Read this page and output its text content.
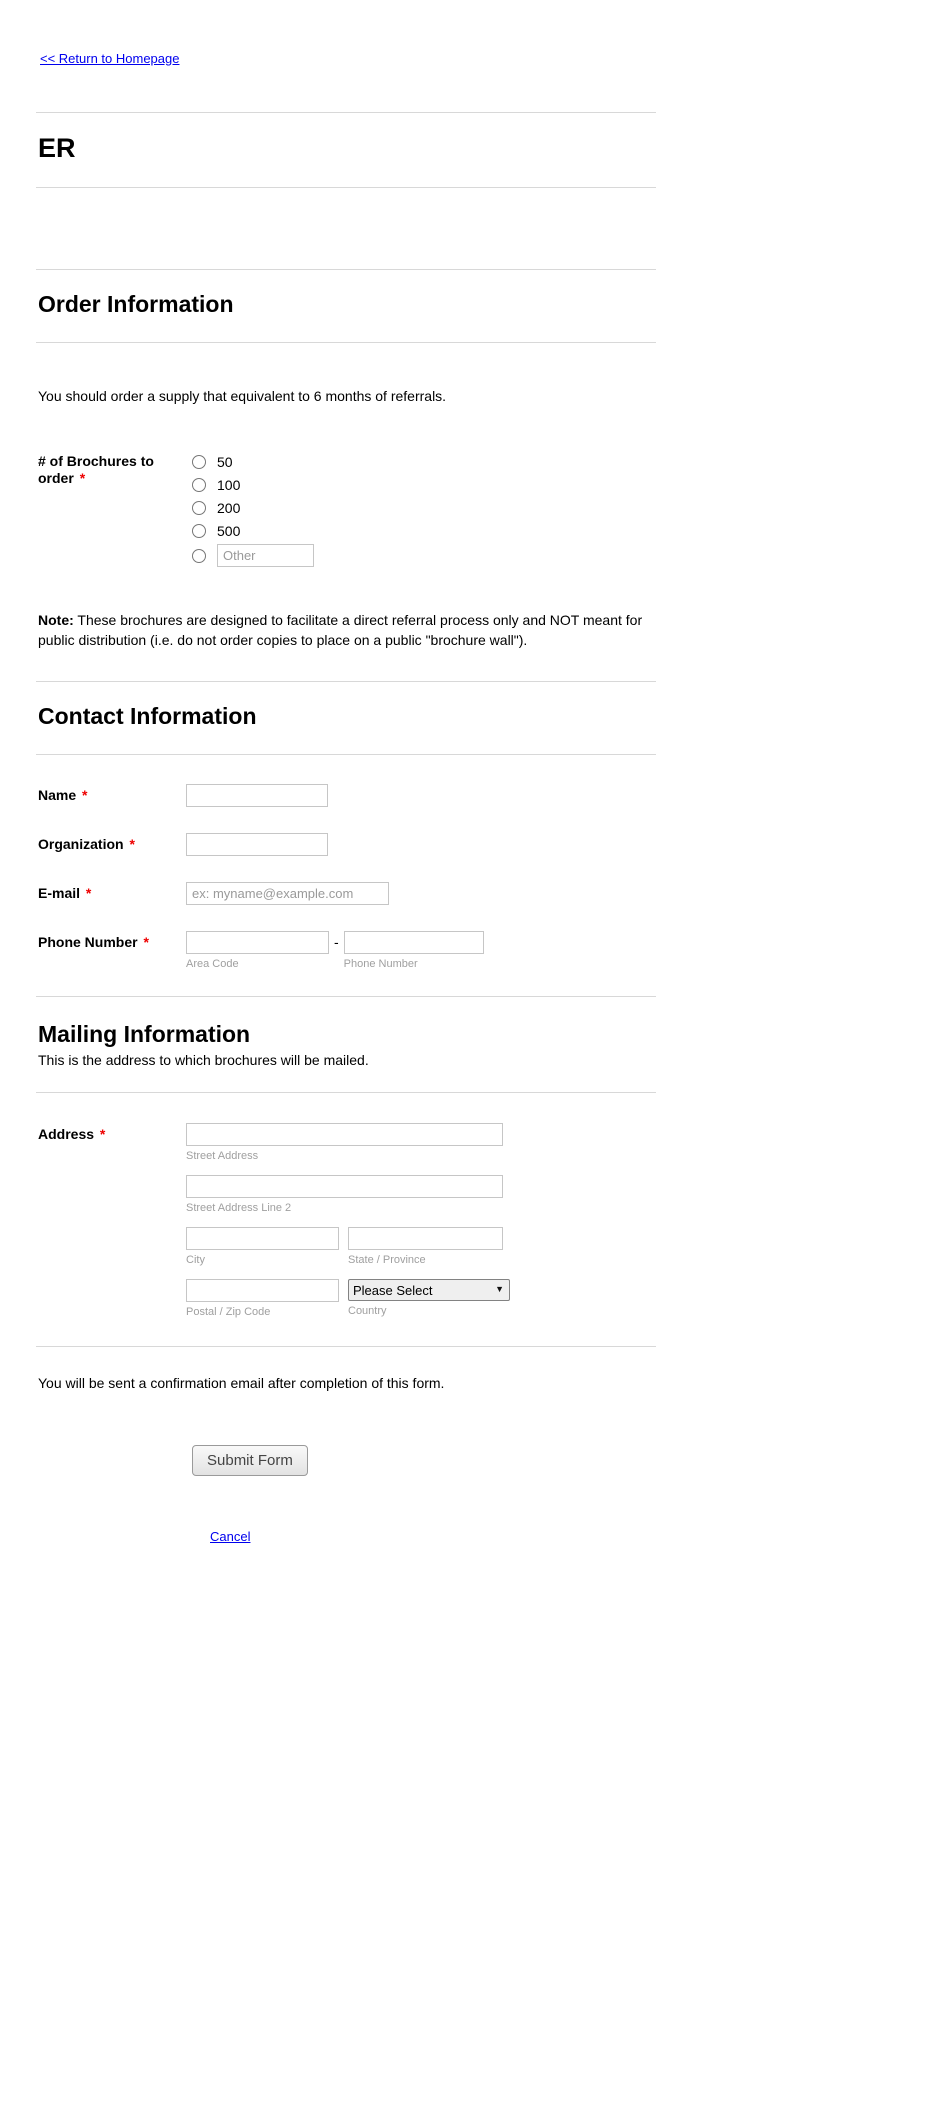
<< Return to Homepage
ER
Order Information

You should order a supply that equivalent to 6 months of referrals.

# of Brochures to order *
50
100
200
500
Other

Note: These brochures are designed to facilitate a direct referral process only and NOT meant for public distribution (i.e. do not order copies to place on a public "brochure wall").

Contact Information
Name *
Organization *
E-mail *
ex: myname@example.com
Phone Number *
Area Code
-
Phone Number
Mailing Information

This is the address to which brochures will be mailed.

Address *
Street Address
Street Address Line 2
City	State / Province
Postal / Zip Code
Please Select
▼
Country

You will be sent a confirmation email after completion of this form.

Submit Form
Cancel
